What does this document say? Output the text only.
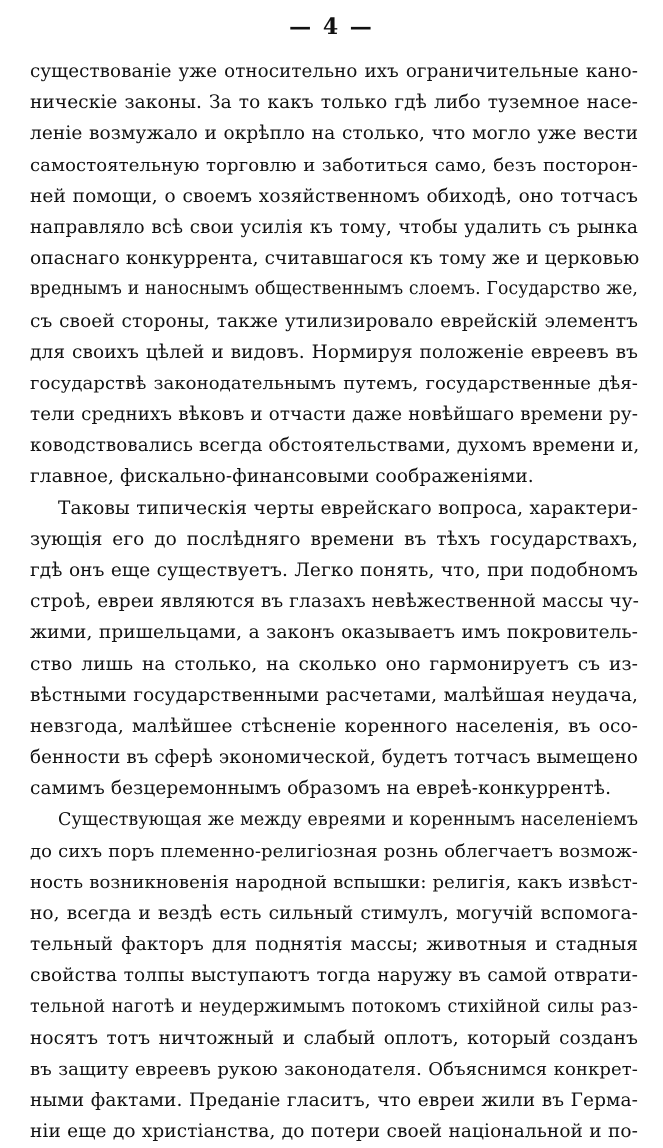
— 4 —
существованіе уже относительно ихъ ограничительные кано-
ническіе законы. За то какъ только гдѣ либо туземное насе-
леніе возмужало и окрѣпло на столько, что могло уже вести
самостоятельную торговлю и заботиться само, безъ посторон-
ней помощи, о своемъ хозяйственномъ обиходѣ, оно тотчасъ
направляло всѣ свои усилія къ тому, чтобы удалить съ рынка
опаснаго конкуррента, считавшагося къ тому же и церковью
вреднымъ и наноснымъ общественнымъ слоемъ. Государство же,
съ своей стороны, также утилизировало еврейскій элементъ
для своихъ цѣлей и видовъ. Нормируя положеніе евреевъ въ
государствѣ законодательнымъ путемъ, государственные дѣя-
тели среднихъ вѣковъ и отчасти даже новѣйшаго времени ру-
ководствовались всегда обстоятельствами, духомъ времени и,
главное, фискально-финансовыми соображеніями.
Таковы типическія черты еврейскаго вопроса, характери-
зующія его до послѣдняго времени въ тѣхъ государствахъ,
гдѣ онъ еще существуетъ. Легко понять, что, при подобномъ
строѣ, евреи являются въ глазахъ невѣжественной массы чу-
жими, пришельцами, а законъ оказываетъ имъ покровитель-
ство лишь на столько, на сколько оно гармонируетъ съ из-
вѣстными государственными расчетами, малѣйшая неудача,
невзгода, малѣйшее стѣсненіе коренного населенія, въ осо-
бенности въ сферѣ экономической, будетъ тотчасъ вымещено
самимъ безцеремоннымъ образомъ на евреѣ-конкуррентѣ.
Существующая же между евреями и кореннымъ населеніемъ
до сихъ поръ племенно-религіозная рознь облегчаетъ возмож-
ность возникновенія народной вспышки: религія, какъ извѣст-
но, всегда и вездѣ есть сильный стимулъ, могучій вспомога-
тельный факторъ для поднятія массы; животныя и стадныя
свойства толпы выступаютъ тогда наружу въ самой отврати-
тельной наготѣ и неудержимымъ потокомъ стихійной силы раз-
носятъ тотъ ничтожный и слабый оплотъ, который созданъ
въ защиту евреевъ рукою законодателя. Объяснимся конкрет-
ными фактами. Преданіе гласитъ, что евреи жили въ Герма-
ніи еще до христіанства, до потери своей національной и по-
